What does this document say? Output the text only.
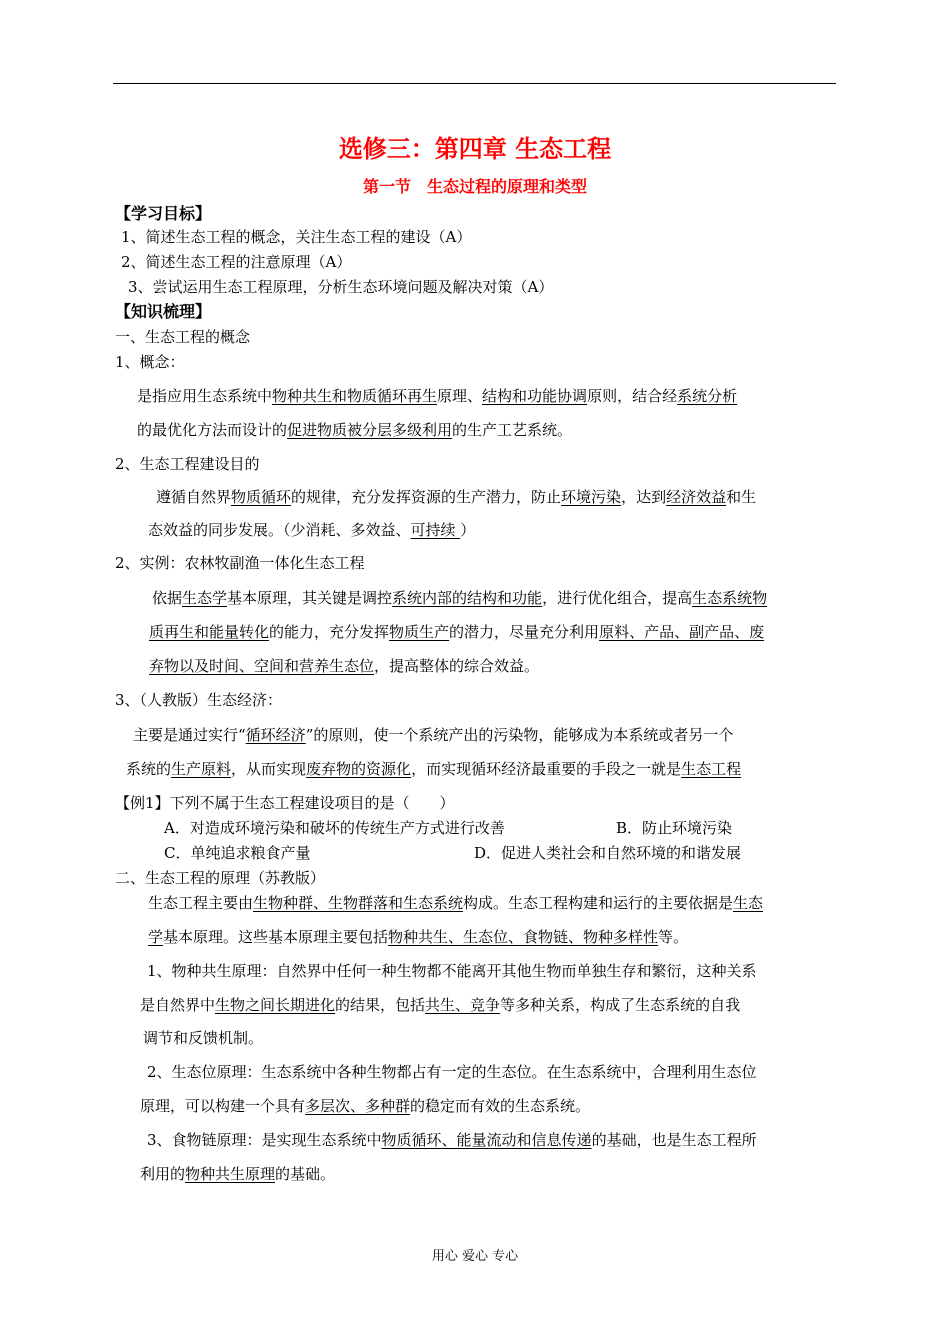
选修三：第四章 生态工程
第一节　生态过程的原理和类型
【学习目标】
1、简述生态工程的概念，关注生态工程的建设（A）
2、简述生态工程的注意原理（A）
3、尝试运用生态工程原理，分析生态环境问题及解决对策（A）
【知识梳理】
一、生态工程的概念
1、概念：
是指应用生态系统中物种共生和物质循环再生原理、结构和功能协调原则，结合经系统分析
的最优化方法而设计的促进物质被分层多级利用的生产工艺系统。
2、生态工程建设目的
遵循自然界物质循环的规律，充分发挥资源的生产潜力，防止环境污染，达到经济效益和生
态效益的同步发展。（少消耗、多效益、可持续 ）
2、实例：农林牧副渔一体化生态工程
依据生态学基本原理，其关键是调控系统内部的结构和功能，进行优化组合，提高生态系统物
质再生和能量转化的能力，充分发挥物质生产的潜力，尽量充分利用原料、产品、副产品、废
弃物以及时间、空间和营养生态位，提高整体的综合效益。
3、（人教版）生态经济：
主要是通过实行“循环经济”的原则，使一个系统产出的污染物，能够成为本系统或者另一个
系统的生产原料，从而实现废弃物的资源化，而实现循环经济最重要的手段之一就是生态工程
【例1】下列不属于生态工程建设项目的是（　　）
A．对造成环境污染和破坏的传统生产方式进行改善	B．防止环境污染
C．单纯追求粮食产量	D．促进人类社会和自然环境的和谐发展
二、生态工程的原理（苏教版）
生态工程主要由生物种群、生物群落和生态系统构成。生态工程构建和运行的主要依据是生态
学基本原理。这些基本原理主要包括物种共生、生态位、食物链、物种多样性等。
1、物种共生原理：自然界中任何一种生物都不能离开其他生物而单独生存和繁衍，这种关系
是自然界中生物之间长期进化的结果，包括共生、竞争等多种关系，构成了生态系统的自我
调节和反馈机制。
2、生态位原理：生态系统中各种生物都占有一定的生态位。在生态系统中，合理利用生态位
原理，可以构建一个具有多层次、多种群的稳定而有效的生态系统。
3、食物链原理：是实现生态系统中物质循环、能量流动和信息传递的基础，也是生态工程所
利用的物种共生原理的基础。
用心 爱心 专心
